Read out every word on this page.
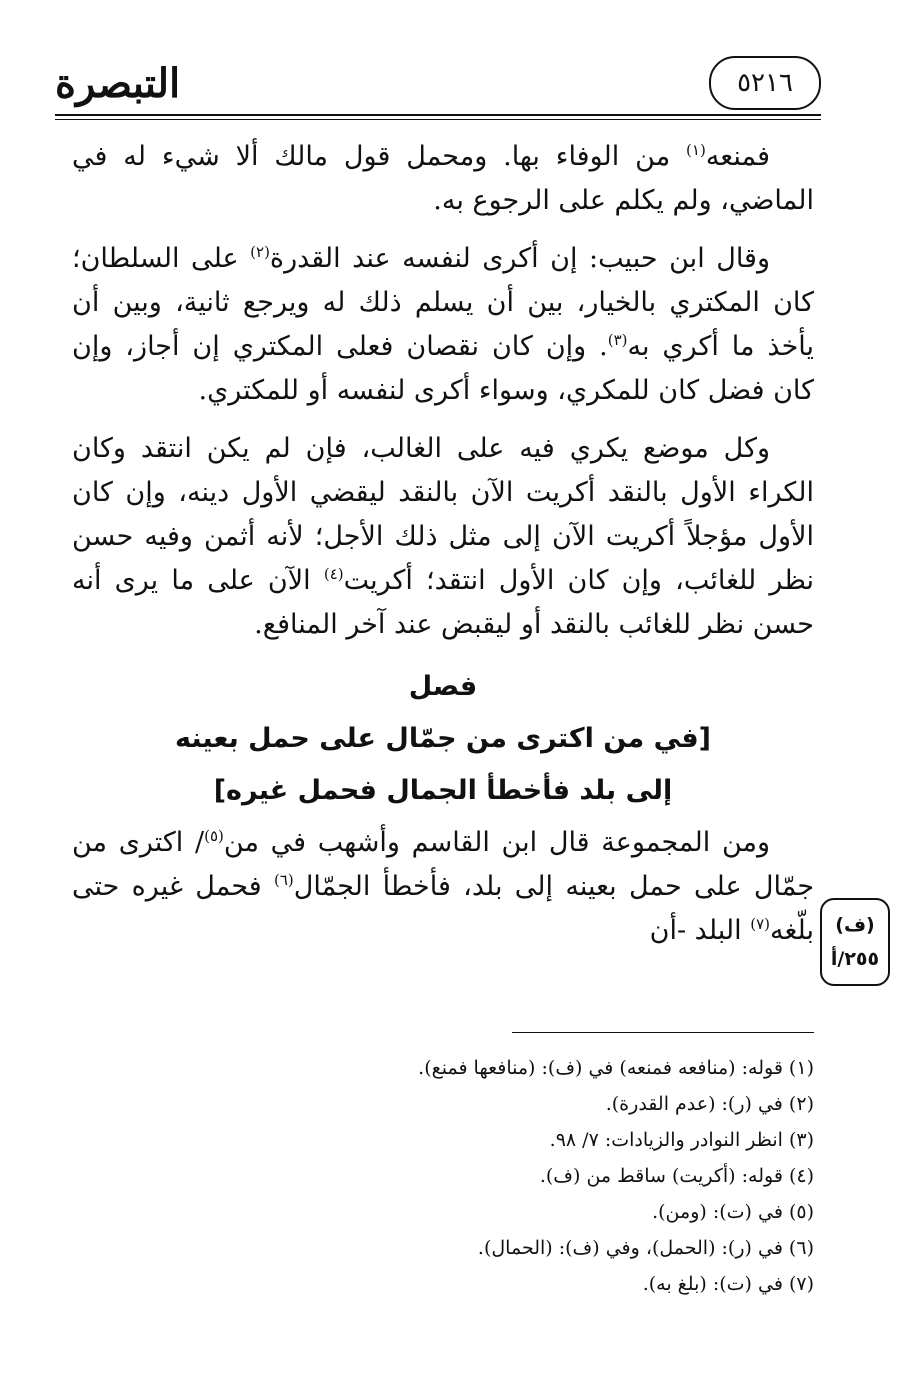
التبصرة	٥٢١٦

فمنعه$^{(١)}$ من الوفاء بها. ومحمل قول مالك ألا شيء له في الماضي، ولم يكلم على الرجوع به.

وقال ابن حبيب: إن أكرى لنفسه عند القدرة$^{(٢)}$ على السلطان؛ كان المكتري بالخيار، بين أن يسلم ذلك له ويرجع ثانية، وبين أن يأخذ ما أكري به$^{(٣)}$. وإن كان نقصان فعلى المكتري إن أجاز، وإن كان فضل كان للمكري، وسواء أكرى لنفسه أو للمكتري.

وكل موضع يكري فيه على الغالب، فإن لم يكن انتقد وكان الكراء الأول بالنقد أكريت الآن بالنقد ليقضي الأول دينه، وإن كان الأول مؤجلاً أكريت الآن إلى مثل ذلك الأجل؛ لأنه أثمن وفيه حسن نظر للغائب، وإن كان الأول انتقد؛ أكريت$^{(٤)}$ الآن على ما يرى أنه حسن نظر للغائب بالنقد أو ليقبض عند آخر المنافع.

فصل
[في من اكترى من جمّال على حمل بعينه
إلى بلد فأخطأ الجمال فحمل غيره]

ومن المجموعة قال ابن القاسم وأشهب في من$^{(٥)}$/ اكترى من جمّال على حمل بعينه إلى بلد، فأخطأ الجمّال$^{(٦)}$ فحمل غيره حتى بلّغه$^{(٧)}$ البلد -أن	(ف)
٢٥٥/أ
(١) قوله: (منافعه فمنعه) في (ف): (منافعها فمنع).
(٢) في (ر): (عدم القدرة).
(٣) انظر النوادر والزيادات: ٧/ ٩٨.
(٤) قوله: (أكريت) ساقط من (ف).
(٥) في (ت): (ومن).
(٦) في (ر): (الحمل)، وفي (ف): (الحمال).
(٧) في (ت): (بلغ به).
